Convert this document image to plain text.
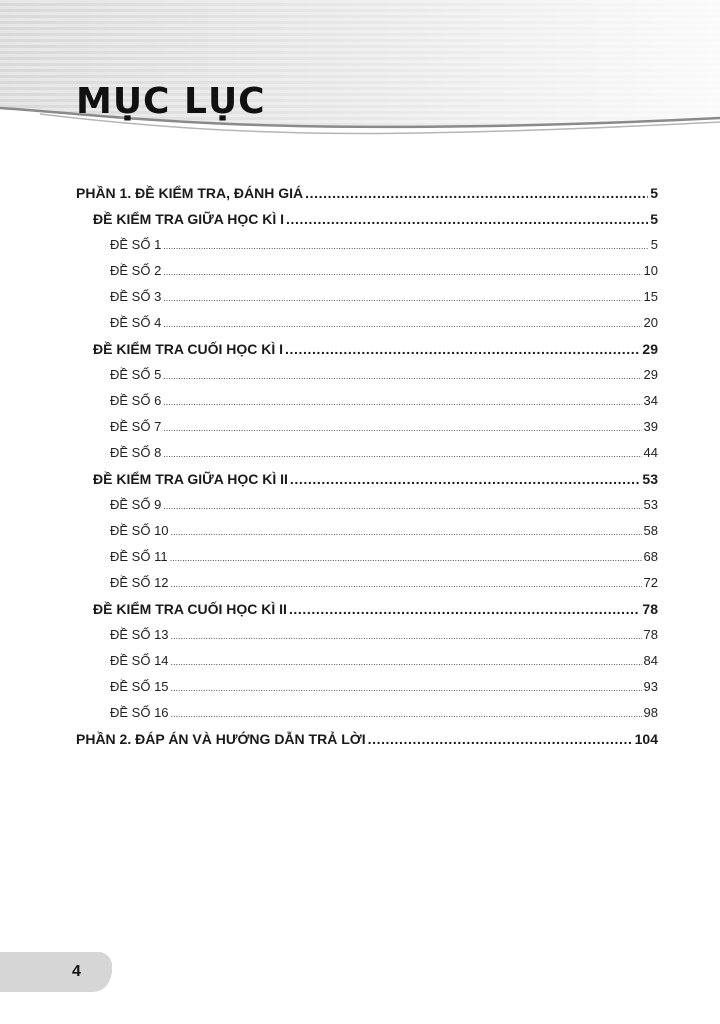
MỤC LỤC
PHẦN 1. ĐỀ KIỂM TRA, ĐÁNH GIÁ .....	5
ĐỀ KIỂM TRA GIỮA HỌC KÌ I .....	5
ĐỀ SỐ 1 .....	5
ĐỀ SỐ 2 .....	10
ĐỀ SỐ 3 .....	15
ĐỀ SỐ 4 .....	20
ĐỀ KIỂM TRA CUỐI HỌC KÌ I .....	29
ĐỀ SỐ 5 .....	29
ĐỀ SỐ 6 .....	34
ĐỀ SỐ 7 .....	39
ĐỀ SỐ 8 .....	44
ĐỀ KIỂM TRA GIỮA HỌC KÌ II .....	53
ĐỀ SỐ 9 .....	53
ĐỀ SỐ 10 .....	58
ĐỀ SỐ 11 .....	68
ĐỀ SỐ 12 .....	72
ĐỀ KIỂM TRA CUỐI HỌC KÌ II .....	78
ĐỀ SỐ 13 .....	78
ĐỀ SỐ 14 .....	84
ĐỀ SỐ 15 .....	93
ĐỀ SỐ 16 .....	98
PHẦN 2. ĐÁP ÁN VÀ HƯỚNG DẪN TRẢ LỜI .....	104
4
